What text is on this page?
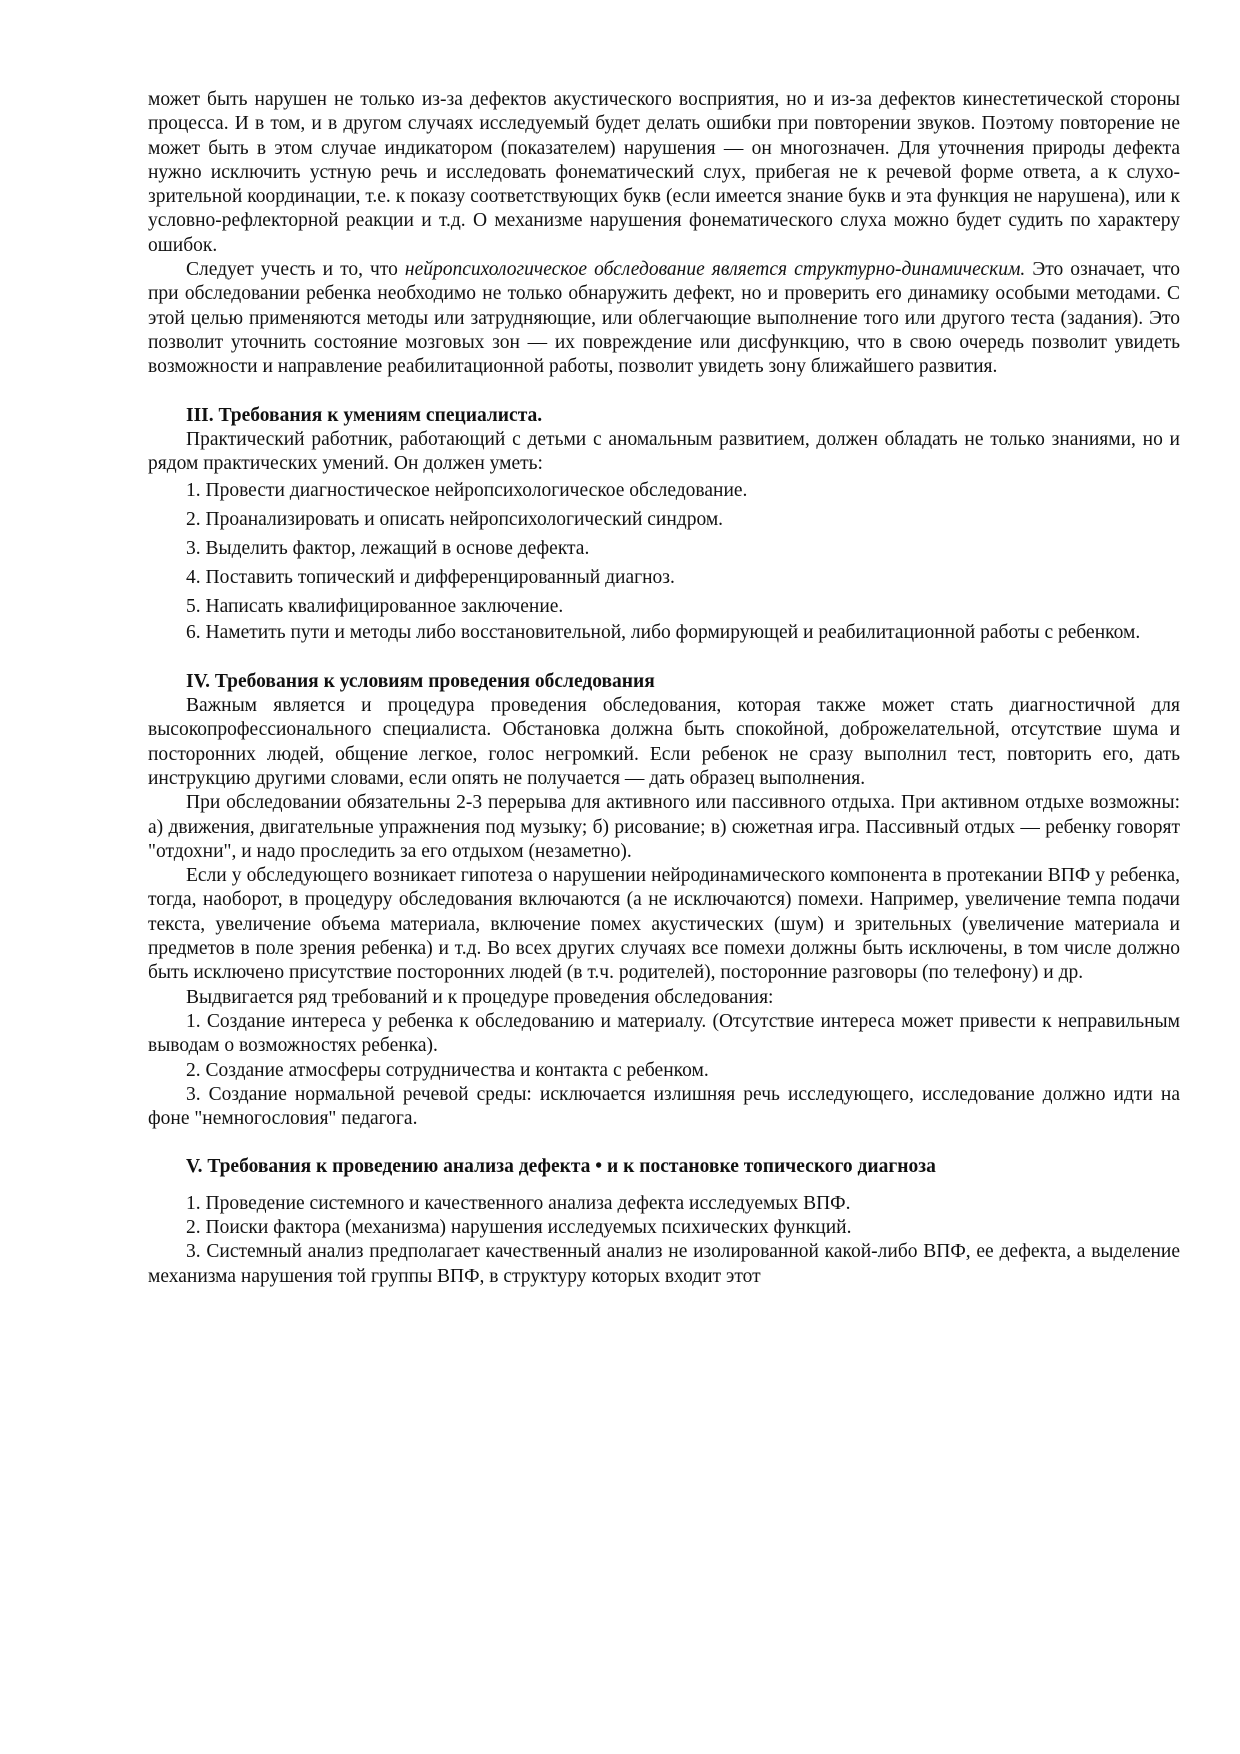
может быть нарушен не только из-за дефектов акустического восприятия, но и из-за дефектов кинестетической стороны процесса. И в том, и в другом случаях исследуемый будет делать ошибки при повторении звуков. Поэтому повторение не может быть в этом случае индикатором (показателем) нарушения — он многозначен. Для уточнения природы дефекта нужно исключить устную речь и исследовать фонематический слух, прибегая не к речевой форме ответа, а к слухо-зрительной координации, т.е. к показу соответствующих букв (если имеется знание букв и эта функция не нарушена), или к условно-рефлекторной реакции и т.д. О механизме нарушения фонематического слуха можно будет судить по характеру ошибок.

Следует учесть и то, что нейропсихологическое обследование является структурно-динамическим. Это означает, что при обследовании ребенка необходимо не только обнаружить дефект, но и проверить его динамику особыми методами. С этой целью применяются методы или затрудняющие, или облегчающие выполнение того или другого теста (задания). Это позволит уточнить состояние мозговых зон — их повреждение или дисфункцию, что в свою очередь позволит увидеть возможности и направление реабилитационной работы, позволит увидеть зону ближайшего развития.

III. Требования к умениям специалиста.

Практический работник, работающий с детьми с аномальным развитием, должен обладать не только знаниями, но и рядом практических умений. Он должен уметь:

1. Провести диагностическое нейропсихологическое обследование.

2. Проанализировать и описать нейропсихологический синдром.

3. Выделить фактор, лежащий в основе дефекта.

4. Поставить топический и дифференцированный диагноз.

5. Написать квалифицированное заключение.

6. Наметить пути и методы либо восстановительной, либо формирующей и реабилитационной работы с ребенком.

IV. Требования к условиям проведения обследования

Важным является и процедура проведения обследования, которая также может стать диагностичной для высокопрофессионального специалиста. Обстановка должна быть спокойной, доброжелательной, отсутствие шума и посторонних людей, общение легкое, голос негромкий. Если ребенок не сразу выполнил тест, повторить его, дать инструкцию другими словами, если опять не получается — дать образец выполнения.

При обследовании обязательны 2-3 перерыва для активного или пассивного отдыха. При активном отдыхе возможны: а) движения, двигательные упражнения под музыку; б) рисование; в) сюжетная игра. Пассивный отдых — ребенку говорят "отдохни", и надо проследить за его отдыхом (незаметно).

Если у обследующего возникает гипотеза о нарушении нейродинамического компонента в протекании ВПФ у ребенка, тогда, наоборот, в процедуру обследования включаются (а не исключаются) помехи. Например, увеличение темпа подачи текста, увеличение объема материала, включение помех акустических (шум) и зрительных (увеличение материала и предметов в поле зрения ребенка) и т.д. Во всех других случаях все помехи должны быть исключены, в том числе должно быть исключено присутствие посторонних людей (в т.ч. родителей), посторонние разговоры (по телефону) и др.

Выдвигается ряд требований и к процедуре проведения обследования:

1. Создание интереса у ребенка к обследованию и материалу. (Отсутствие интереса может привести к неправильным выводам о возможностях ребенка).

2. Создание атмосферы сотрудничества и контакта с ребенком.

3. Создание нормальной речевой среды: исключается излишняя речь исследующего, исследование должно идти на фоне "немногословия" педагога.

V. Требования к проведению анализа дефекта • и к постановке топического диагноза

1. Проведение системного и качественного анализа дефекта исследуемых ВПФ.

2. Поиски фактора (механизма) нарушения исследуемых психических функций.

3. Системный анализ предполагает качественный анализ не изолированной какой-либо ВПФ, ее дефекта, а выделение механизма нарушения той группы ВПФ, в структуру которых входит этот
